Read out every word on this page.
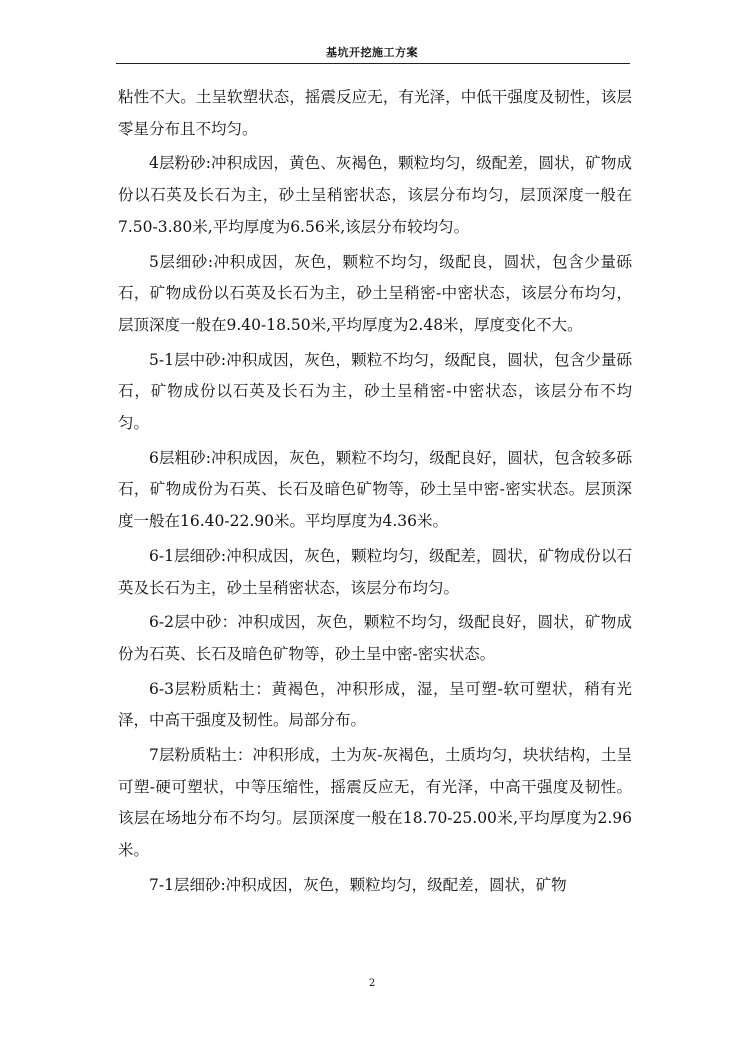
基坑开挖施工方案

粘性不大。土呈软塑状态，摇震反应无，有光泽，中低干强度及韧性，该层零星分布且不均匀。

4层粉砂:冲积成因，黄色、灰褐色，颗粒均匀，级配差，圆状，矿物成份以石英及长石为主，砂土呈稍密状态，该层分布均匀，层顶深度一般在7.50-3.80米,平均厚度为6.56米,该层分布较均匀。

5层细砂:冲积成因，灰色，颗粒不均匀，级配良，圆状，包含少量砾石，矿物成份以石英及长石为主，砂土呈稍密-中密状态，该层分布均匀，层顶深度一般在9.40-18.50米,平均厚度为2.48米，厚度变化不大。

5-1层中砂:冲积成因，灰色，颗粒不均匀，级配良，圆状，包含少量砾石，矿物成份以石英及长石为主，砂土呈稍密-中密状态，该层分布不均匀。

6层粗砂:冲积成因，灰色，颗粒不均匀，级配良好，圆状，包含较多砾石，矿物成份为石英、长石及暗色矿物等，砂土呈中密-密实状态。层顶深度一般在16.40-22.90米。平均厚度为4.36米。

6-1层细砂:冲积成因，灰色，颗粒均匀，级配差，圆状，矿物成份以石英及长石为主，砂土呈稍密状态，该层分布均匀。

6-2层中砂：冲积成因，灰色，颗粒不均匀，级配良好，圆状，矿物成份为石英、长石及暗色矿物等，砂土呈中密-密实状态。

6-3层粉质粘土：黄褐色，冲积形成，湿，呈可塑-软可塑状，稍有光泽，中高干强度及韧性。局部分布。

7层粉质粘土：冲积形成，土为灰-灰褐色，土质均匀，块状结构，土呈可塑-硬可塑状，中等压缩性，摇震反应无，有光泽，中高干强度及韧性。该层在场地分布不均匀。层顶深度一般在18.70-25.00米,平均厚度为2.96米。

7-1层细砂:冲积成因，灰色，颗粒均匀，级配差，圆状，矿物

2
